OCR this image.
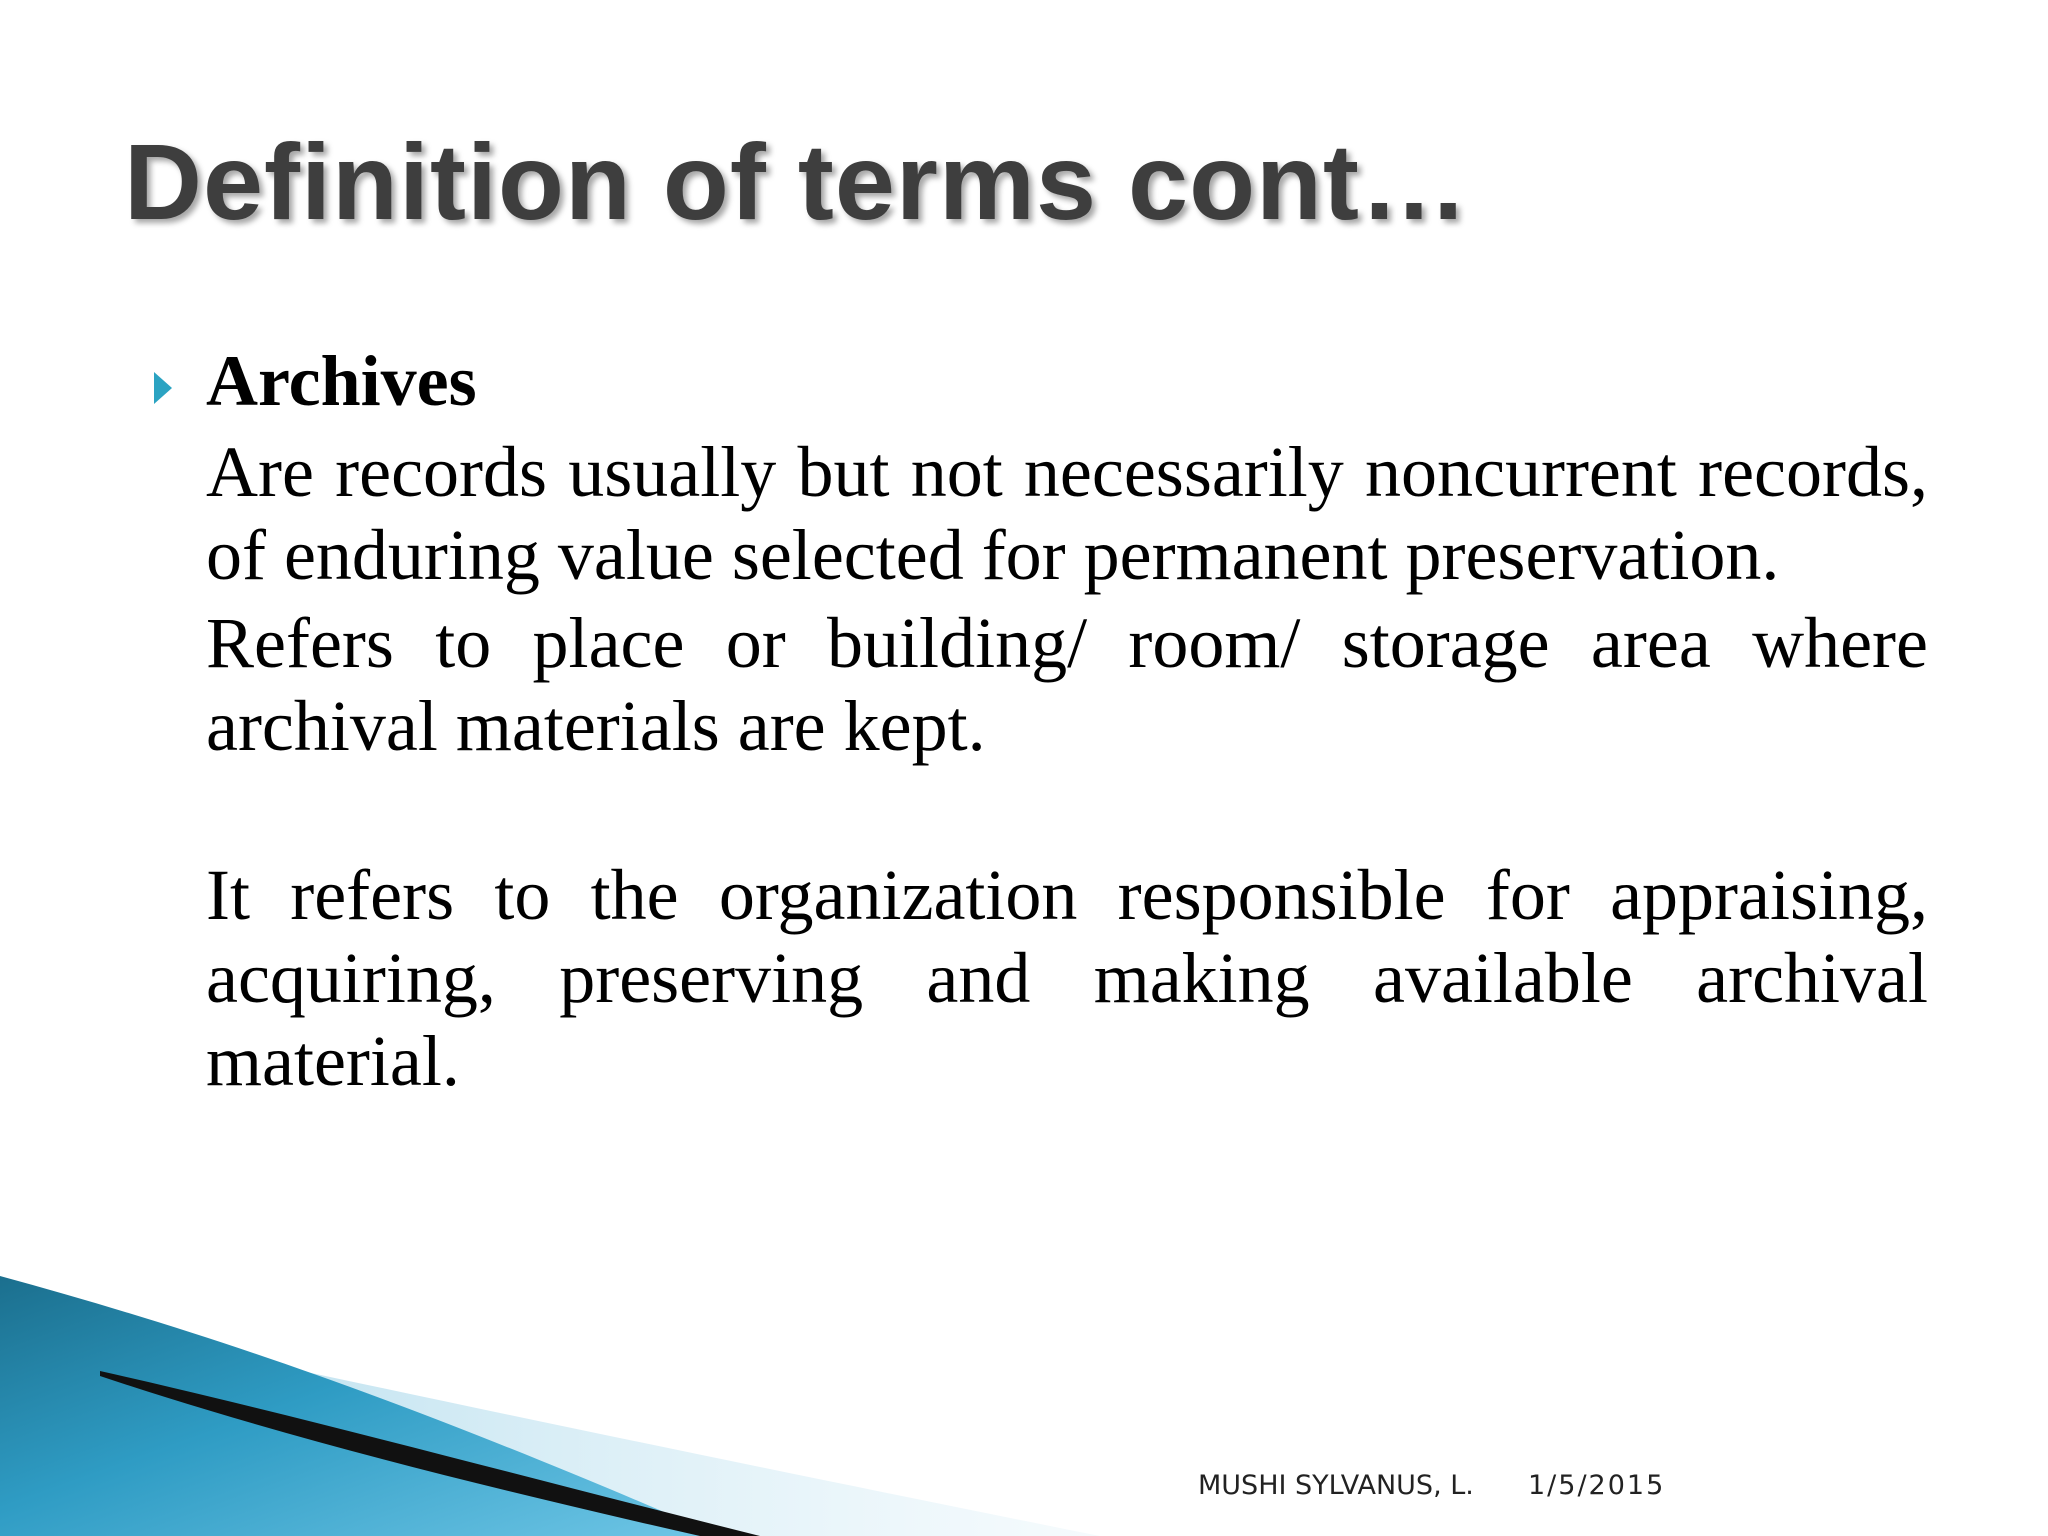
Definition of terms cont…

Archives

Are records usually but not necessarily noncurrent records, of enduring value selected for permanent preservation.

Refers to place or building/ room/ storage area where archival materials are kept.

It refers to the organization responsible for appraising, acquiring, preserving and making available archival material.

MUSHI SYLVANUS, L. 1/5/2015
